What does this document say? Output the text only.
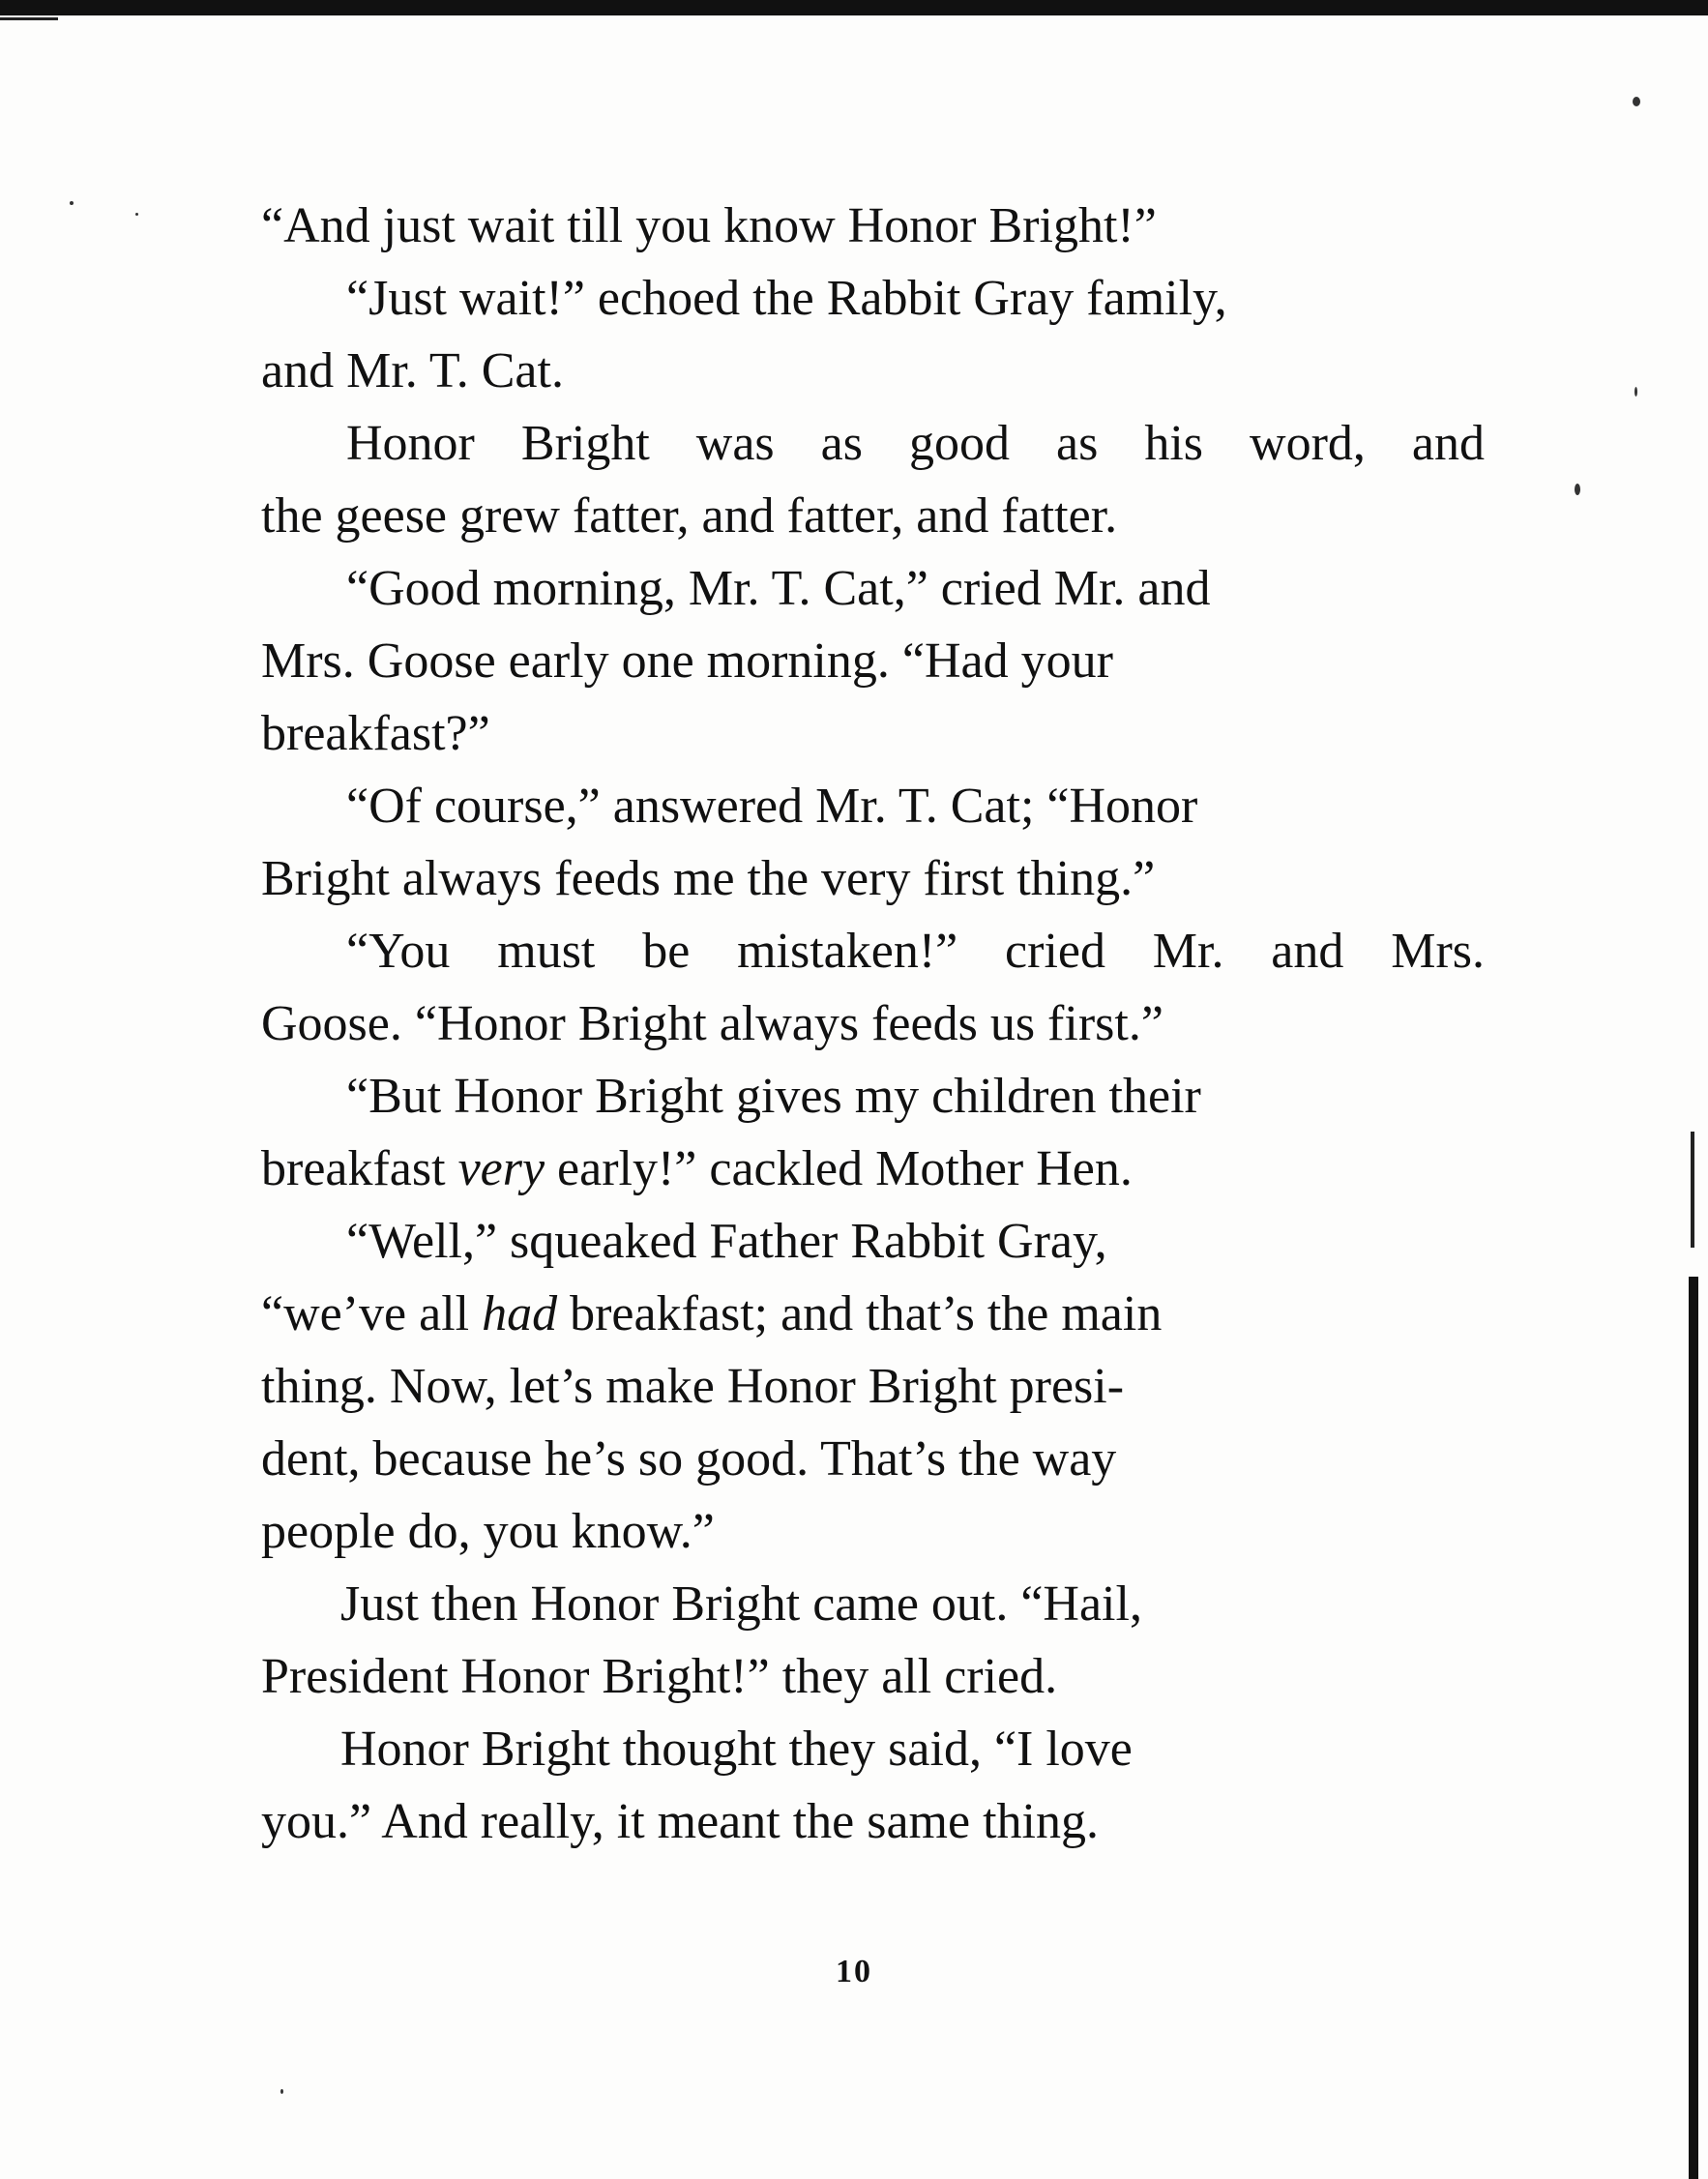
“And just wait till you know Honor Bright!”
“Just wait!” echoed the Rabbit Gray family,
and Mr. T. Cat.
Honor Bright was as good as his word, and
the geese grew fatter, and fatter, and fatter.
“Good morning, Mr. T. Cat,” cried Mr. and
Mrs. Goose early one morning. “Had your
breakfast?”
“Of course,” answered Mr. T. Cat; “Honor
Bright always feeds me the very first thing.”
“You must be mistaken!” cried Mr. and Mrs.
Goose. “Honor Bright always feeds us first.”
“But Honor Bright gives my children their
breakfast very early!” cackled Mother Hen.
“Well,” squeaked Father Rabbit Gray,
“we’ve all had breakfast; and that’s the main
thing. Now, let’s make Honor Bright presi-
dent, because he’s so good. That’s the way
people do, you know.”
Just then Honor Bright came out. “Hail,
President Honor Bright!” they all cried.
Honor Bright thought they said, “I love
you.” And really, it meant the same thing.
10
